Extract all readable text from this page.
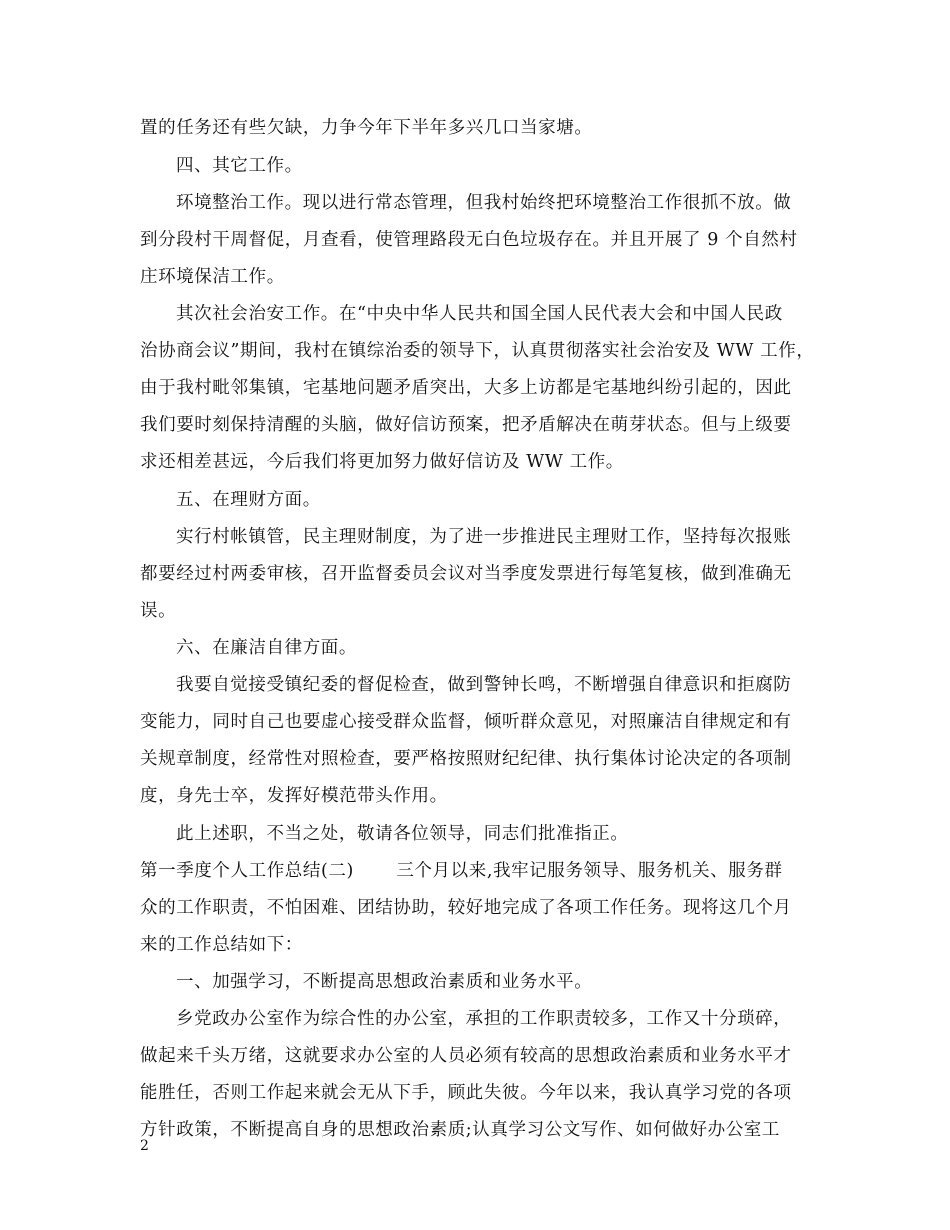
置的任务还有些欠缺，力争今年下半年多兴几口当家塘。
四、其它工作。
环境整治工作。现以进行常态管理，但我村始终把环境整治工作很抓不放。做
到分段村干周督促，月查看，使管理路段无白色垃圾存在。并且开展了 9 个自然村
庄环境保洁工作。
其次社会治安工作。在“中央中华人民共和国全国人民代表大会和中国人民政
治协商会议”期间，我村在镇综治委的领导下，认真贯彻落实社会治安及 WW 工作，
由于我村毗邻集镇，宅基地问题矛盾突出，大多上访都是宅基地纠纷引起的，因此
我们要时刻保持清醒的头脑，做好信访预案，把矛盾解决在萌芽状态。但与上级要
求还相差甚远，今后我们将更加努力做好信访及 WW 工作。
五、在理财方面。
实行村帐镇管，民主理财制度，为了进一步推进民主理财工作，坚持每次报账
都要经过村两委审核，召开监督委员会议对当季度发票进行每笔复核，做到准确无
误。
六、在廉洁自律方面。
我要自觉接受镇纪委的督促检查，做到警钟长鸣，不断增强自律意识和拒腐防
变能力，同时自己也要虚心接受群众监督，倾听群众意见，对照廉洁自律规定和有
关规章制度，经常性对照检查，要严格按照财纪纪律、执行集体讨论决定的各项制
度，身先士卒，发挥好模范带头作用。
此上述职，不当之处，敬请各位领导，同志们批准指正。
第一季度个人工作总结(二)　　 三个月以来,我牢记服务领导、服务机关、服务群
众的工作职责，不怕困难、团结协助，较好地完成了各项工作任务。现将这几个月
来的工作总结如下：
一、加强学习，不断提高思想政治素质和业务水平。
乡党政办公室作为综合性的办公室，承担的工作职责较多，工作又十分琐碎，
做起来千头万绪，这就要求办公室的人员必须有较高的思想政治素质和业务水平才
能胜任，否则工作起来就会无从下手，顾此失彼。今年以来，我认真学习党的各项
方针政策，不断提高自身的思想政治素质;认真学习公文写作、如何做好办公室工
2
